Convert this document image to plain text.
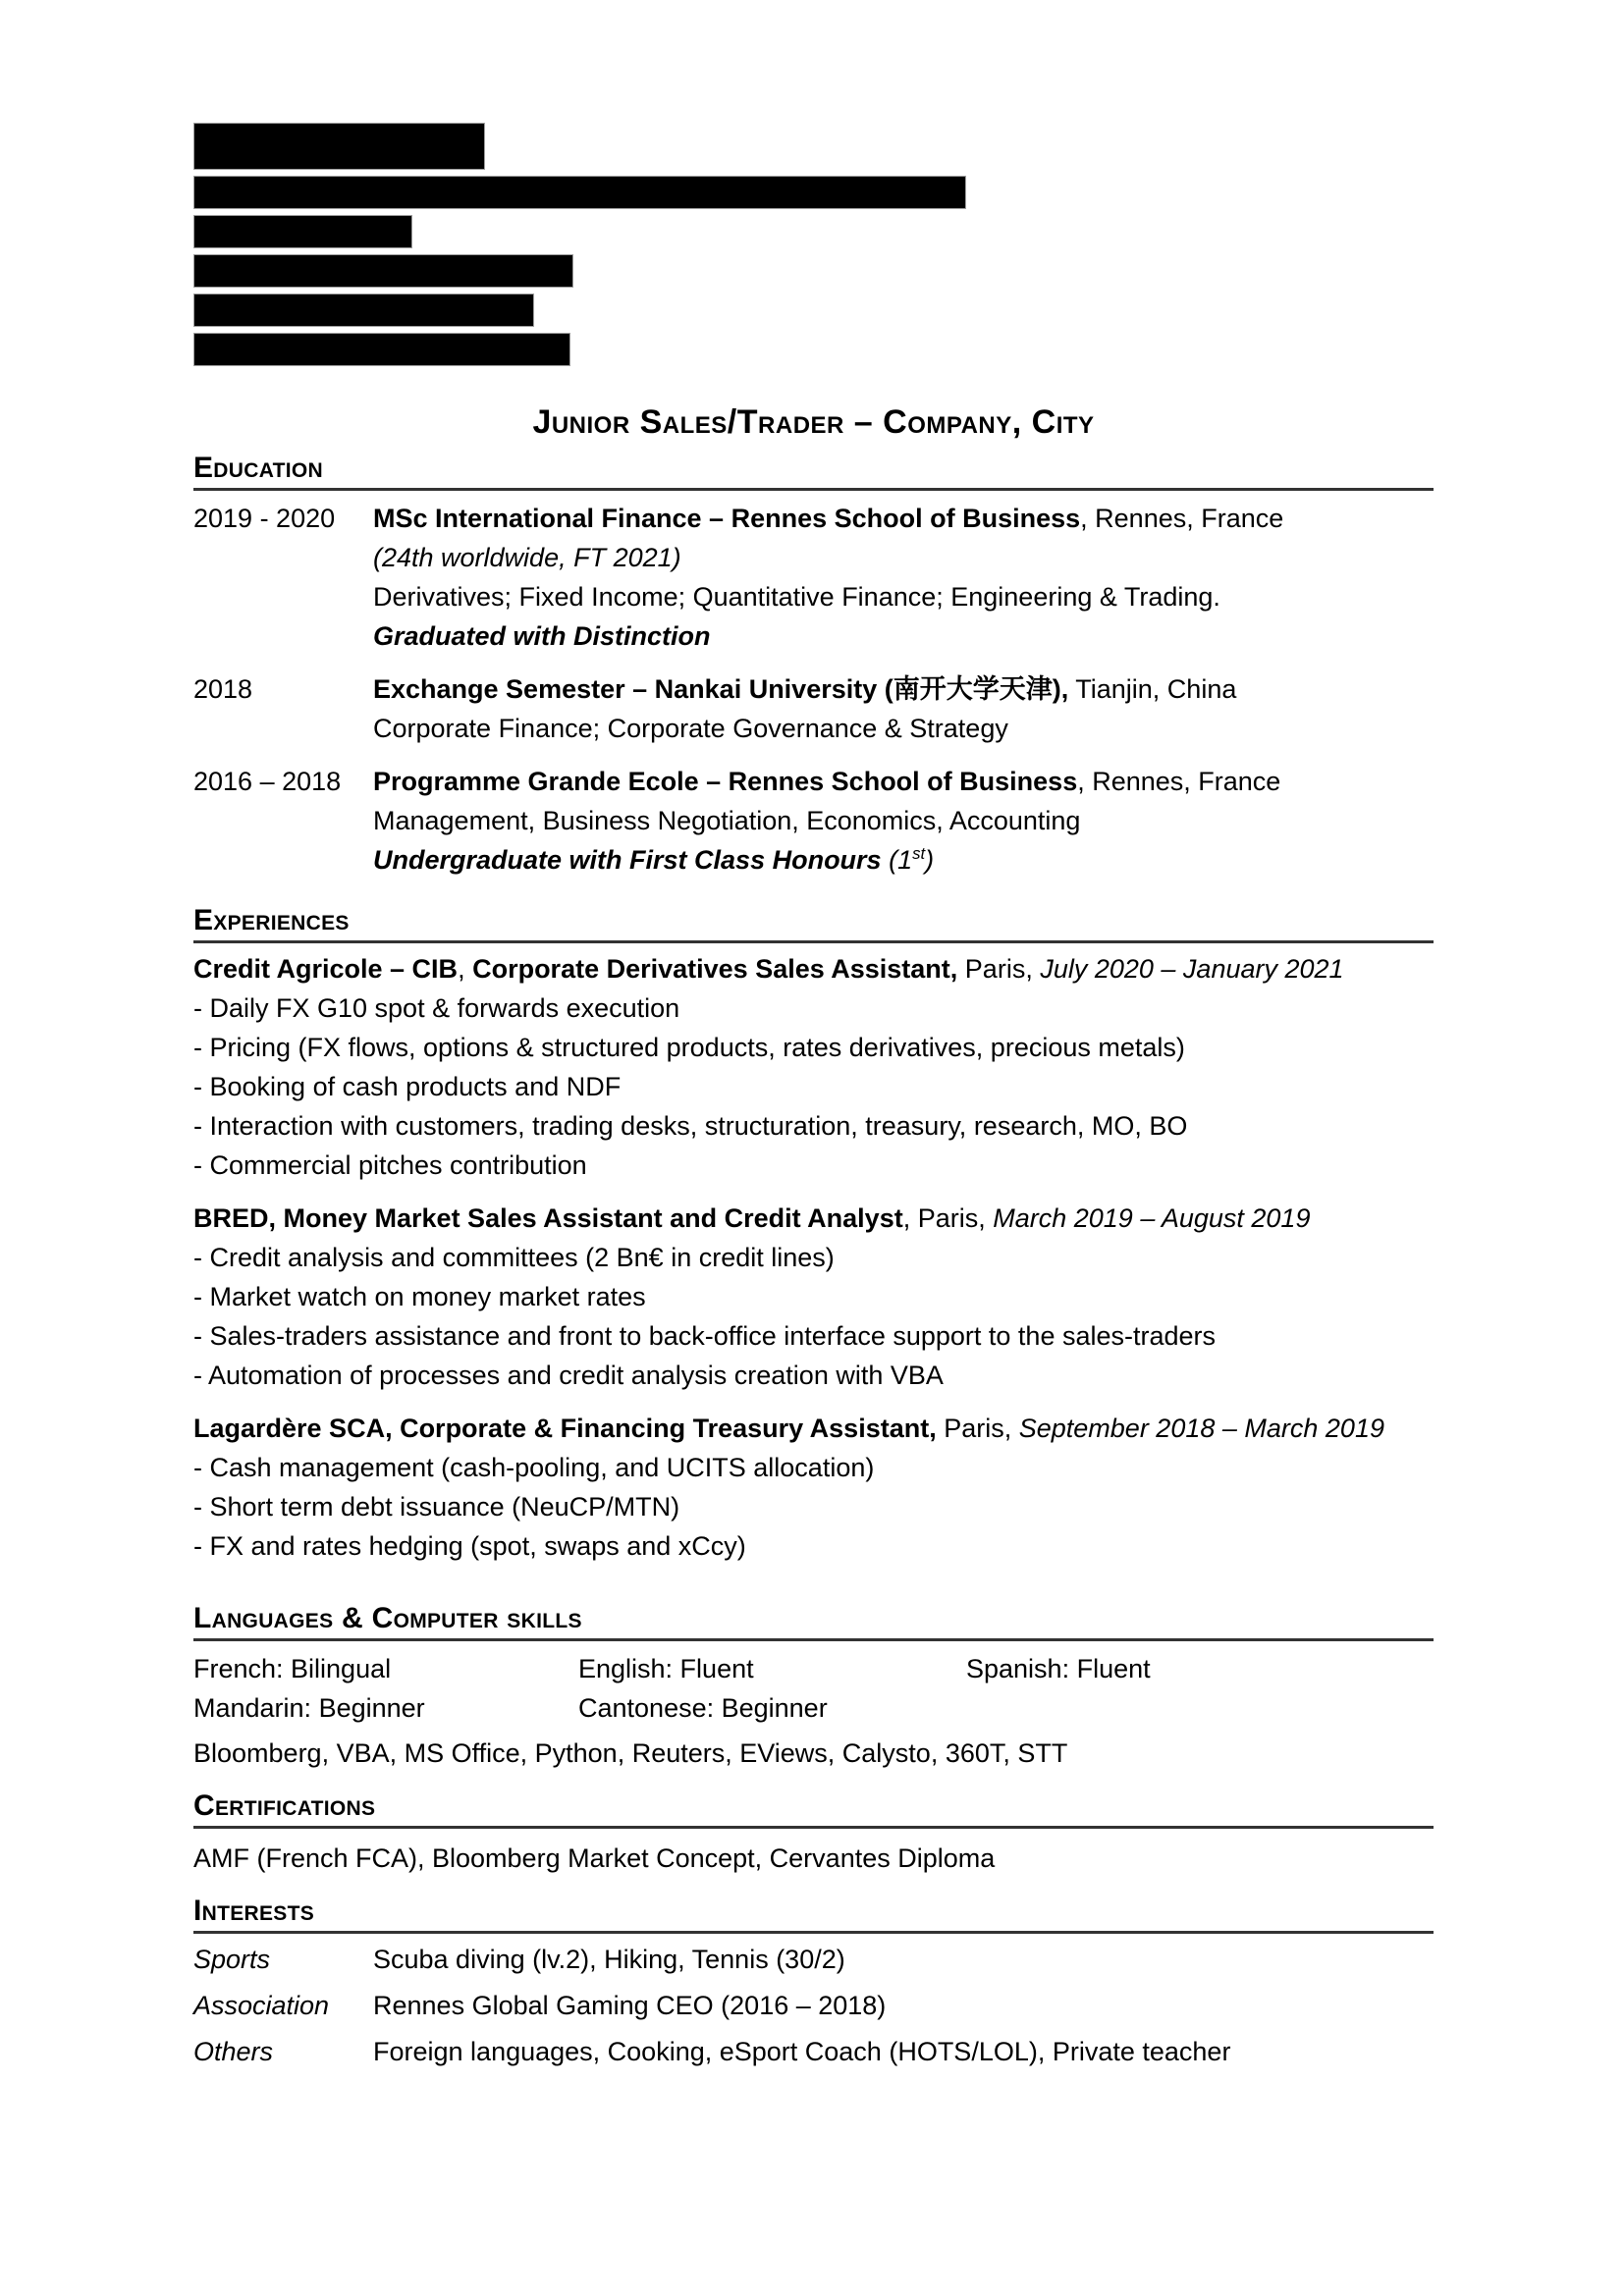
Junior Sales/Trader – Company, City
Education
2019 - 2020	MSc International Finance – Rennes School of Business, Rennes, France
(24th worldwide, FT 2021)
Derivatives; Fixed Income; Quantitative Finance; Engineering & Trading.
Graduated with Distinction
2018	Exchange Semester – Nankai University (南开大学天津), Tianjin, China
Corporate Finance; Corporate Governance & Strategy
2016 – 2018	Programme Grande Ecole – Rennes School of Business, Rennes, France
Management, Business Negotiation, Economics, Accounting
Undergraduate with First Class Honours (1st)
Experiences
Credit Agricole – CIB, Corporate Derivatives Sales Assistant, Paris, July 2020 – January 2021
- Daily FX G10 spot & forwards execution
- Pricing (FX flows, options & structured products, rates derivatives, precious metals)
- Booking of cash products and NDF
- Interaction with customers, trading desks, structuration, treasury, research, MO, BO
- Commercial pitches contribution
BRED, Money Market Sales Assistant and Credit Analyst, Paris, March 2019 – August 2019
- Credit analysis and committees (2 Bn€ in credit lines)
- Market watch on money market rates
- Sales-traders assistance and front to back-office interface support to the sales-traders
- Automation of processes and credit analysis creation with VBA
Lagardère SCA, Corporate & Financing Treasury Assistant, Paris, September 2018 – March 2019
- Cash management (cash-pooling, and UCITS allocation)
- Short term debt issuance (NeuCP/MTN)
- FX and rates hedging (spot, swaps and xCcy)
Languages & Computer skills
French: Bilingual	English: Fluent	Spanish: Fluent
Mandarin: Beginner	Cantonese: Beginner
Bloomberg, VBA, MS Office, Python, Reuters, EViews, Calysto, 360T, STT
Certifications
AMF (French FCA), Bloomberg Market Concept, Cervantes Diploma
Interests
Sports	Scuba diving (lv.2), Hiking, Tennis (30/2)
Association	Rennes Global Gaming CEO (2016 – 2018)
Others	Foreign languages, Cooking, eSport Coach (HOTS/LOL), Private teacher
